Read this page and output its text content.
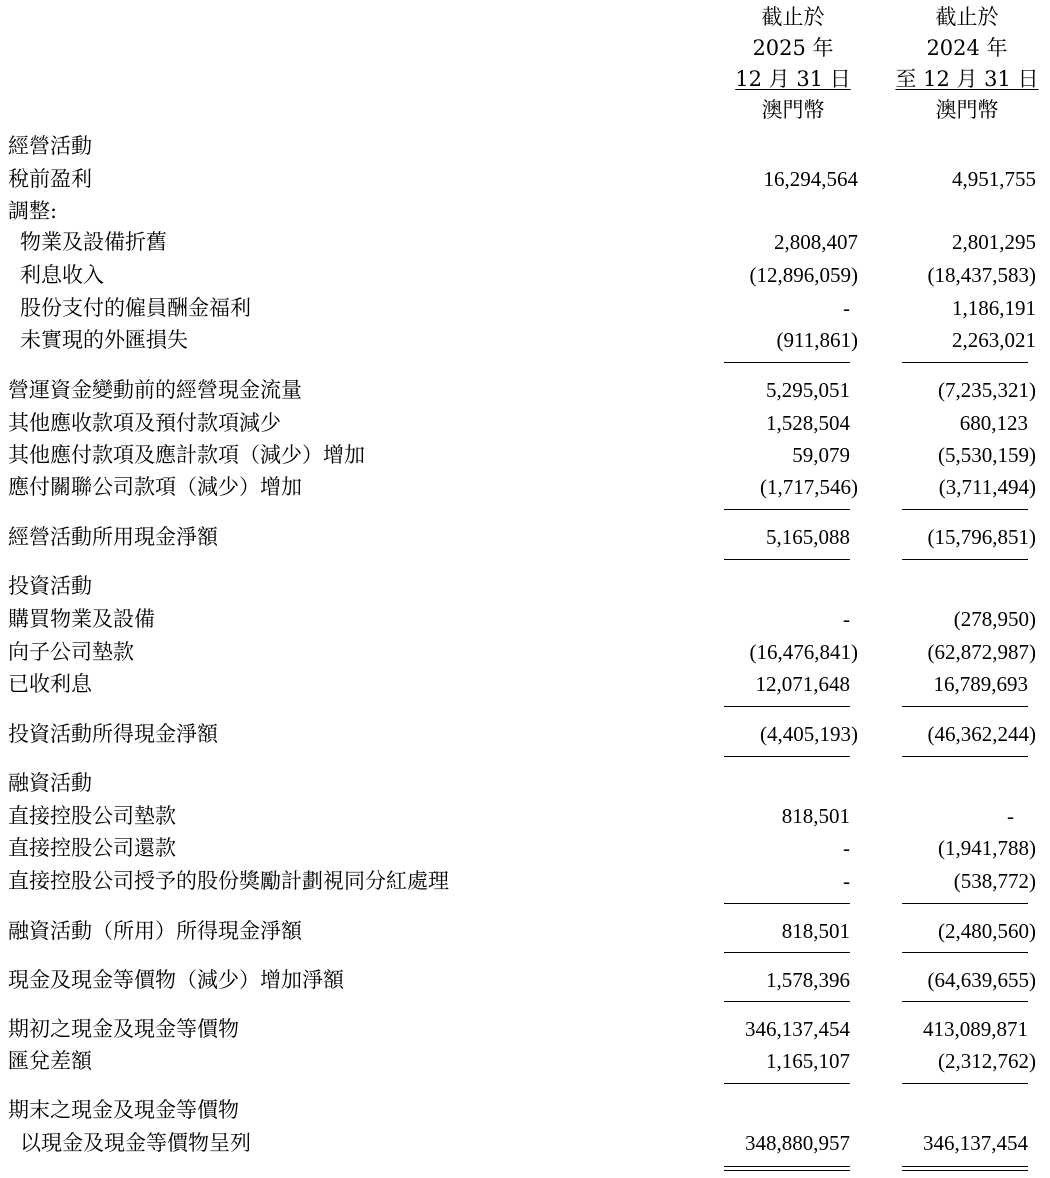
截止於
2025 年
12 月 31 日
澳門幣
截止於
2024 年
至 12 月 31 日
澳門幣
經營活動
稅前盈利	16,294,564	4,951,755
調整:
物業及設備折舊	2,808,407	2,801,295
利息收入	(12,896,059)	(18,437,583)
股份支付的僱員酬金福利	-	1,186,191
未實現的外匯損失	(911,861)	2,263,021
營運資金變動前的經營現金流量	5,295,051	(7,235,321)
其他應收款項及預付款項減少	1,528,504	680,123
其他應付款項及應計款項（減少）增加	59,079	(5,530,159)
應付關聯公司款項（減少）增加	(1,717,546)	(3,711,494)
經營活動所用現金淨額	5,165,088	(15,796,851)
投資活動
購買物業及設備	-	(278,950)
向子公司墊款	(16,476,841)	(62,872,987)
已收利息	12,071,648	16,789,693
投資活動所得現金淨額	(4,405,193)	(46,362,244)
融資活動
直接控股公司墊款	818,501	-
直接控股公司還款	-	(1,941,788)
直接控股公司授予的股份獎勵計劃視同分紅處理	-	(538,772)
融資活動（所用）所得現金淨額	818,501	(2,480,560)
現金及現金等價物（減少）增加淨額	1,578,396	(64,639,655)
期初之現金及現金等價物	346,137,454	413,089,871
匯兌差額	1,165,107	(2,312,762)
期末之現金及現金等價物
以現金及現金等價物呈列	348,880,957	346,137,454
